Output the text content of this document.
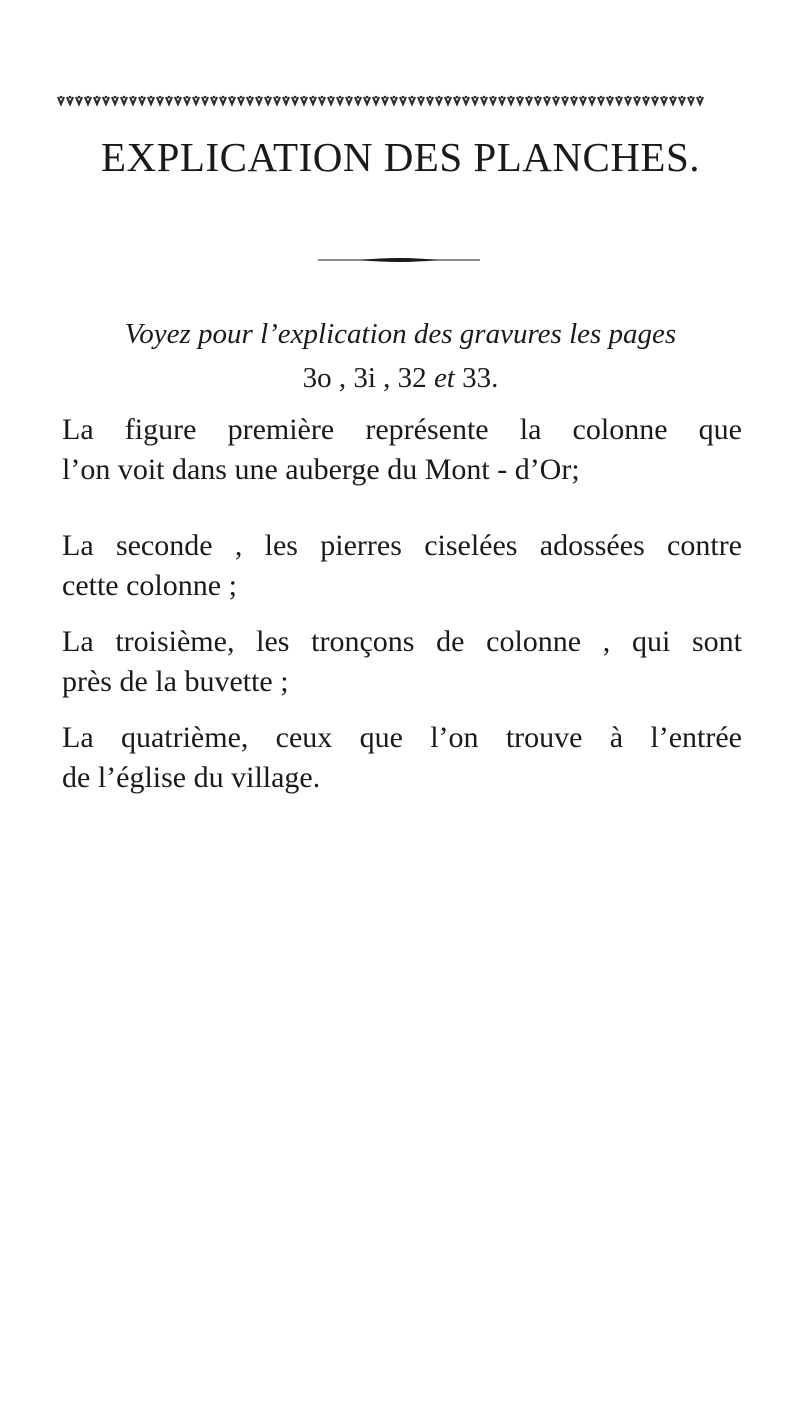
EXPLICATION DES PLANCHES.
Voyez pour l’explication des gravures les pages
3o , 3i , 32 et 33.

La figure première représente la colonne que
l’on voit dans une auberge du Mont - d’Or;

La seconde , les pierres ciselées adossées contre
cette colonne ;

La troisième, les tronçons de colonne , qui sont
près de la buvette ;

La quatrième, ceux que l’on trouve à l’entrée
de l’église du village.
